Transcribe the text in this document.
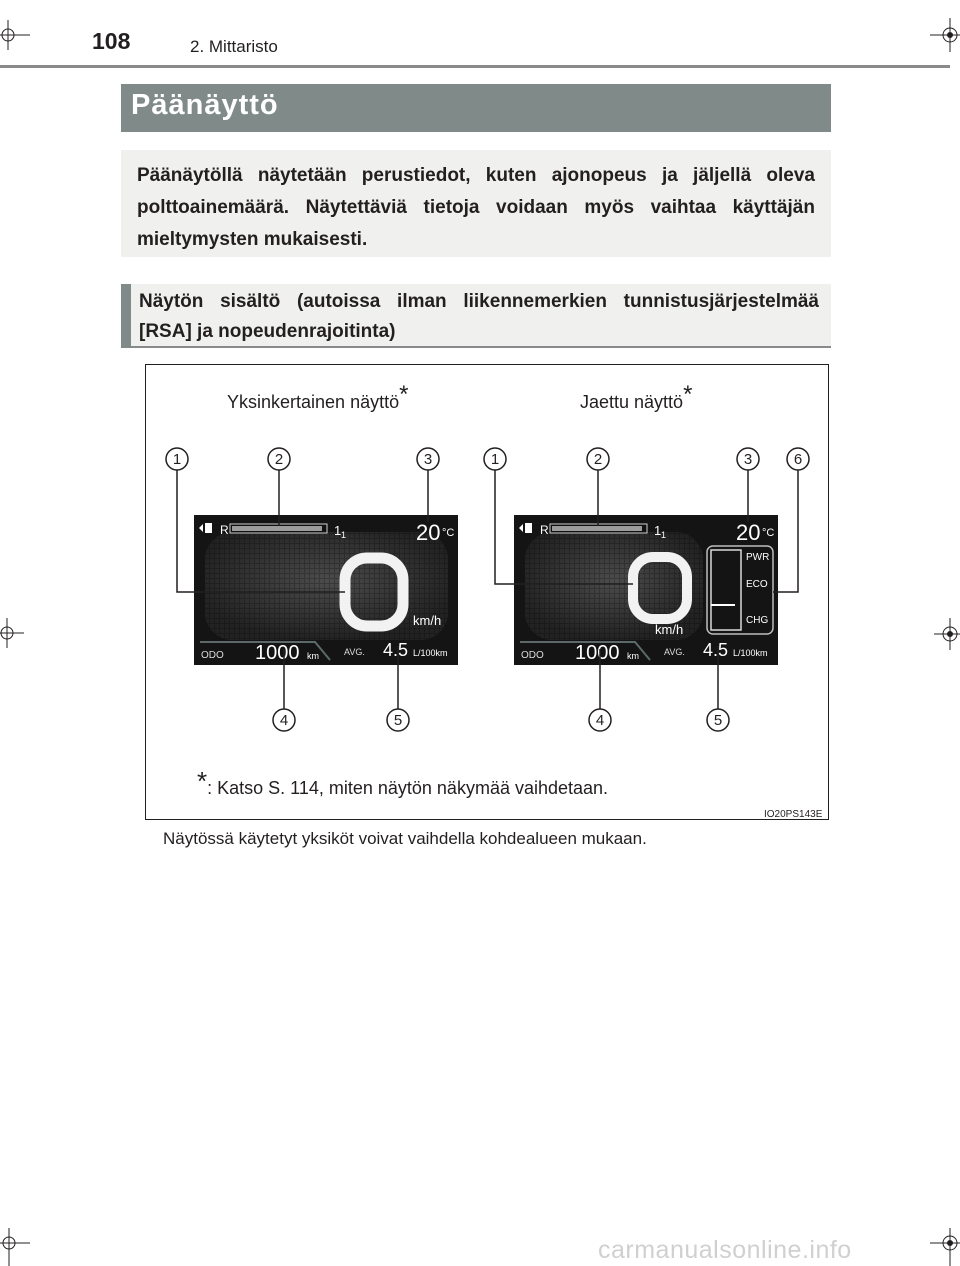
108	2. Mittaristo
Päänäyttö
Päänäytöllä näytetään perustiedot, kuten ajonopeus ja jäljellä oleva polttoainemäärä. Näytettäviä tietoja voidaan myös vaihtaa käyttäjän mieltymysten mukaisesti.
Näytön sisältö (autoissa ilman liikennemerkien tunnistusjärjestelmää [RSA] ja nopeudenrajoitinta)
Yksinkertainen näyttö*	Jaettu näyttö*
R	1 1	20 °C
km/h
ODO 1000 km	AVG. 4.5 L/100km
1	2	3
4	5
R	1 1	20 °C
km/h
PWR
ECO
CHG
ODO 1000 km	AVG. 4.5 L/100km
1	2	3	6
4	5
*: Katso S. 114, miten näytön näkymää vaihdetaan.
IO20PS143E
Näytössä käytetyt yksiköt voivat vaihdella kohdealueen mukaan.
carmanualsonline.info
